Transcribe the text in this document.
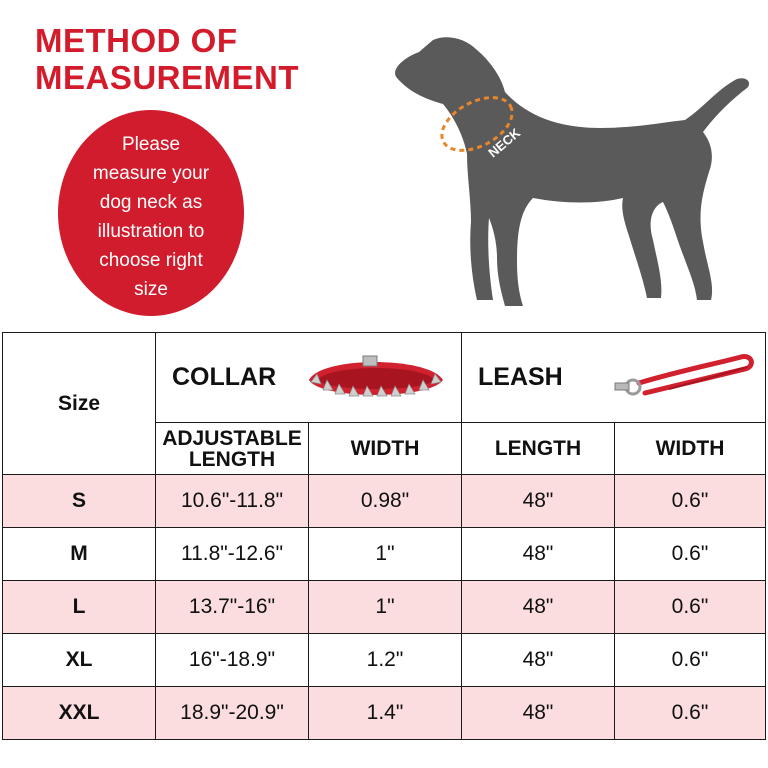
METHOD OF
MEASUREMENT
Please
measure your
dog neck as
illustration to
choose right
size
NECK
Size	COLLAR		LEASH	

	ADJUSTABLE
LENGTH	WIDTH	LENGTH	WIDTH
S	10.6"-11.8"	0.98"	48"	0.6"
M	11.8"-12.6"	1"	48"	0.6"
L	13.7"-16"	1"	48"	0.6"
XL	16"-18.9"	1.2"	48"	0.6"
XXL	18.9"-20.9"	1.4"	48"	0.6"
